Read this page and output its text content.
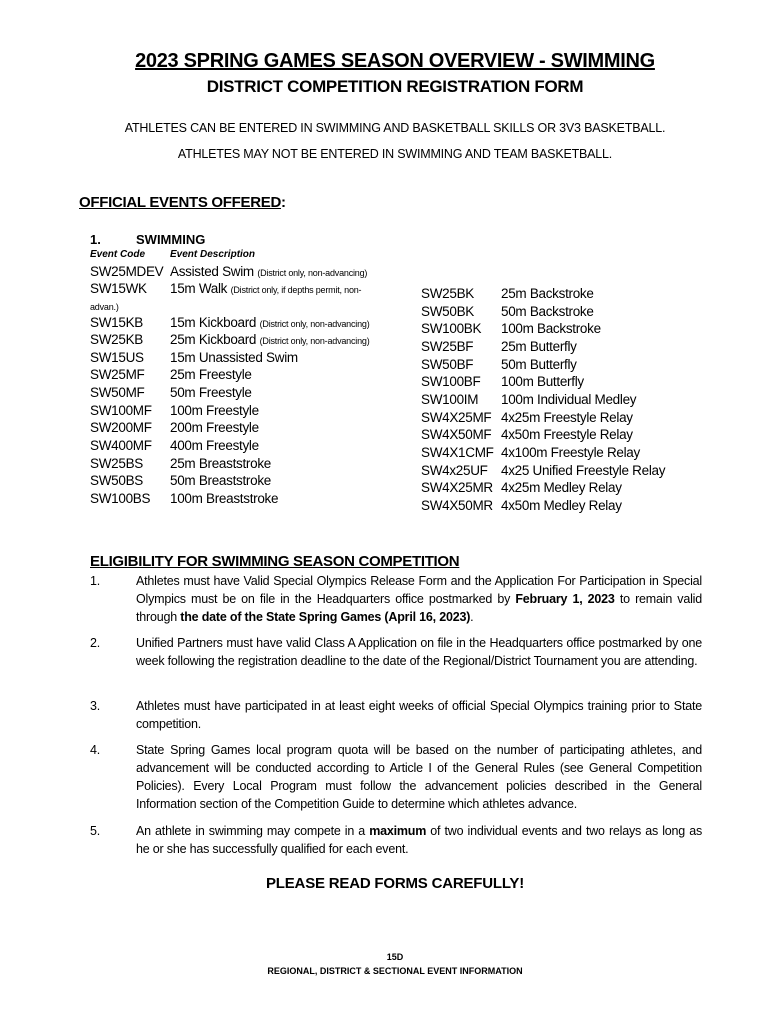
2023 SPRING GAMES SEASON OVERVIEW - SWIMMING
DISTRICT COMPETITION REGISTRATION FORM
ATHLETES CAN BE ENTERED IN SWIMMING AND BASKETBALL SKILLS OR 3V3 BASKETBALL.
ATHLETES MAY NOT BE ENTERED IN SWIMMING AND TEAM BASKETBALL.
OFFICIAL EVENTS OFFERED:
1.	SWIMMING
Event Code Event Description
SW25MDEV Assisted Swim (District only, non-advancing)
SW15WK 15m Walk (District only, if depths permit, non-
advan.)
SW15KB 15m Kickboard (District only, non-advancing)
SW25KB 25m Kickboard (District only, non-advancing)
SW15US 15m Unassisted Swim
SW25MF 25m Freestyle
SW50MF 50m Freestyle
SW100MF 100m Freestyle
SW200MF 200m Freestyle
SW400MF 400m Freestyle
SW25BS 25m Breaststroke
SW50BS 50m Breaststroke
SW100BS 100m Breaststroke
SW25BK 25m Backstroke
SW50BK 50m Backstroke
SW100BK 100m Backstroke
SW25BF 25m Butterfly
SW50BF 50m Butterfly
SW100BF 100m Butterfly
SW100IM 100m Individual Medley
SW4X25MF 4x25m Freestyle Relay
SW4X50MF 4x50m Freestyle Relay
SW4X1CMF 4x100m Freestyle Relay
SW4x25UF 4x25 Unified Freestyle Relay
SW4X25MR 4x25m Medley Relay
SW4X50MR 4x50m Medley Relay
ELIGIBILITY FOR SWIMMING SEASON COMPETITION
1.	Athletes must have Valid Special Olympics Release Form and the Application For Participation in Special Olympics must be on file in the Headquarters office postmarked by February 1, 2023 to remain valid through the date of the State Spring Games (April 16, 2023).
2.	Unified Partners must have valid Class A Application on file in the Headquarters office postmarked by one week following the registration deadline to the date of the Regional/District Tournament you are attending.
3.	Athletes must have participated in at least eight weeks of official Special Olympics training prior to State competition.
4.	State Spring Games local program quota will be based on the number of participating athletes, and advancement will be conducted according to Article I of the General Rules (see General Competition Policies). Every Local Program must follow the advancement policies described in the General Information section of the Competition Guide to determine which athletes advance.
5.	An athlete in swimming may compete in a maximum of two individual events and two relays as long as he or she has successfully qualified for each event.
PLEASE READ FORMS CAREFULLY!
15D
REGIONAL, DISTRICT & SECTIONAL EVENT INFORMATION
